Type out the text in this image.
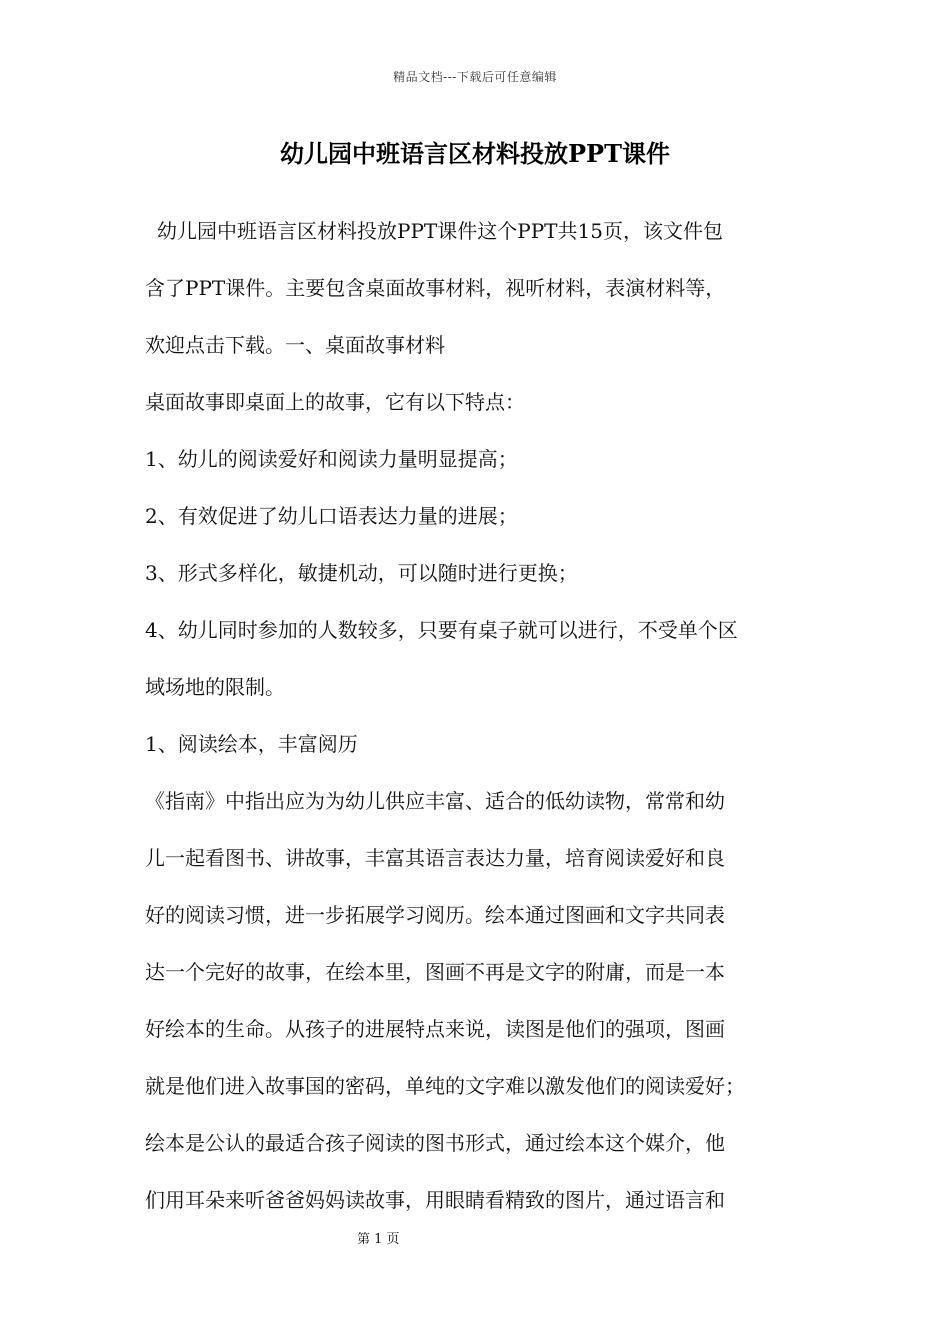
精品文档---下载后可任意编辑
幼儿园中班语言区材料投放PPT课件
幼儿园中班语言区材料投放PPT课件这个PPT共15页，该文件包
含了PPT课件。主要包含桌面故事材料，视听材料，表演材料等，
欢迎点击下载。一、桌面故事材料
桌面故事即桌面上的故事，它有以下特点：
1、幼儿的阅读爱好和阅读力量明显提高；
2、有效促进了幼儿口语表达力量的进展；
3、形式多样化，敏捷机动，可以随时进行更换；
4、幼儿同时参加的人数较多，只要有桌子就可以进行，不受单个区
域场地的限制。
1、阅读绘本，丰富阅历
《指南》中指出应为为幼儿供应丰富、适合的低幼读物，常常和幼
儿一起看图书、讲故事，丰富其语言表达力量，培育阅读爱好和良
好的阅读习惯，进一步拓展学习阅历。绘本通过图画和文字共同表
达一个完好的故事，在绘本里，图画不再是文字的附庸，而是一本
好绘本的生命。从孩子的进展特点来说，读图是他们的强项，图画
就是他们进入故事国的密码，单纯的文字难以激发他们的阅读爱好；
绘本是公认的最适合孩子阅读的图书形式，通过绘本这个媒介，他
们用耳朵来听爸爸妈妈读故事，用眼睛看精致的图片，通过语言和
第 1 页
